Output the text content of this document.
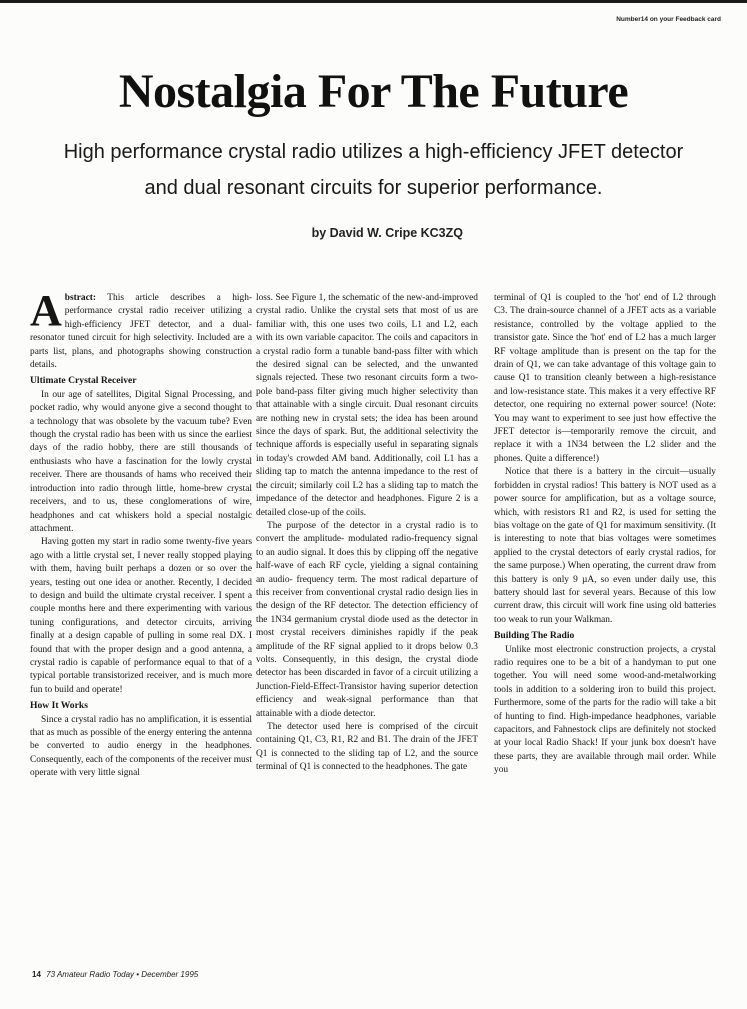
Number14 on your Feedback card
Nostalgia For The Future
High performance crystal radio utilizes a high-efficiency JFET detector and dual resonant circuits for superior performance.
by David W. Cripe KC3ZQ

Abstract: This article describes a high-performance crystal radio receiver utilizing a high-efficiency JFET detector, and a dual-resonator tuned circuit for high selectivity. Included are a parts list, plans, and photographs showing construction details.

Ultimate Crystal Receiver

In our age of satellites, Digital Signal Processing, and pocket radio, why would anyone give a second thought to a technology that was obsolete by the vacuum tube? Even though the crystal radio has been with us since the earliest days of the radio hobby, there are still thousands of enthusiasts who have a fascination for the lowly crystal receiver. There are thousands of hams who received their introduction into radio through little, home-brew crystal receivers, and to us, these conglomerations of wire, headphones and cat whiskers hold a special nostalgic attachment.

Having gotten my start in radio some twenty-five years ago with a little crystal set, I never really stopped playing with them, having built perhaps a dozen or so over the years, testing out one idea or another. Recently, I decided to design and build the ultimate crystal receiver. I spent a couple months here and there experimenting with various tuning configurations, and detector circuits, arriving finally at a design capable of pulling in some real DX. I found that with the proper design and a good antenna, a crystal radio is capable of performance equal to that of a typical portable transistorized receiver, and is much more fun to build and operate!

How It Works

Since a crystal radio has no amplification, it is essential that as much as possible of the energy entering the antenna be converted to audio energy in the headphones. Consequently, each of the components of the receiver must operate with very little signal

loss. See Figure 1, the schematic of the new-and-improved crystal radio. Unlike the crystal sets that most of us are familiar with, this one uses two coils, L1 and L2, each with its own variable capacitor. The coils and capacitors in a crystal radio form a tunable band-pass filter with which the desired signal can be selected, and the unwanted signals rejected. These two resonant circuits form a two-pole band-pass filter giving much higher selectivity than that attainable with a single circuit. Dual resonant circuits are nothing new in crystal sets; the idea has been around since the days of spark. But, the additional selectivity the technique affords is especially useful in separating signals in today's crowded AM band. Additionally, coil L1 has a sliding tap to match the antenna impedance to the rest of the circuit; similarly coil L2 has a sliding tap to match the impedance of the detector and headphones. Figure 2 is a detailed close-up of the coils.

The purpose of the detector in a crystal radio is to convert the amplitude- modulated radio-frequency signal to an audio signal. It does this by clipping off the negative half-wave of each RF cycle, yielding a signal containing an audio- frequency term. The most radical departure of this receiver from conventional crystal radio design lies in the design of the RF detector. The detection efficiency of the 1N34 germanium crystal diode used as the detector in most crystal receivers diminishes rapidly if the peak amplitude of the RF signal applied to it drops below 0.3 volts. Consequently, in this design, the crystal diode detector has been discarded in favor of a circuit utilizing a Junction-Field-Effect-Transistor having superior detection efficiency and weak-signal performance than that attainable with a diode detector.

The detector used here is comprised of the circuit containing Q1, C3, R1, R2 and B1. The drain of the JFET Q1 is connected to the sliding tap of L2, and the source terminal of Q1 is connected to the headphones. The gate

terminal of Q1 is coupled to the 'hot' end of L2 through C3. The drain-source channel of a JFET acts as a variable resistance, controlled by the voltage applied to the transistor gate. Since the 'hot' end of L2 has a much larger RF voltage amplitude than is present on the tap for the drain of Q1, we can take advantage of this voltage gain to cause Q1 to transition cleanly between a high-resistance and low-resistance state. This makes it a very effective RF detector, one requiring no external power source! (Note: You may want to experiment to see just how effective the JFET detector is—temporarily remove the circuit, and replace it with a 1N34 between the L2 slider and the phones. Quite a difference!)

Notice that there is a battery in the circuit—usually forbidden in crystal radios! This battery is NOT used as a power source for amplification, but as a voltage source, which, with resistors R1 and R2, is used for setting the bias voltage on the gate of Q1 for maximum sensitivity. (It is interesting to note that bias voltages were sometimes applied to the crystal detectors of early crystal radios, for the same purpose.) When operating, the current draw from this battery is only 9 µA, so even under daily use, this battery should last for several years. Because of this low current draw, this circuit will work fine using old batteries too weak to run your Walkman.

Building The Radio

Unlike most electronic construction projects, a crystal radio requires one to be a bit of a handyman to put one together. You will need some wood-and-metalworking tools in addition to a soldering iron to build this project. Furthermore, some of the parts for the radio will take a bit of hunting to find. High-impedance headphones, variable capacitors, and Fahnestock clips are definitely not stocked at your local Radio Shack! If your junk box doesn't have these parts, they are available through mail order. While you

14 73 Amateur Radio Today • December 1995
